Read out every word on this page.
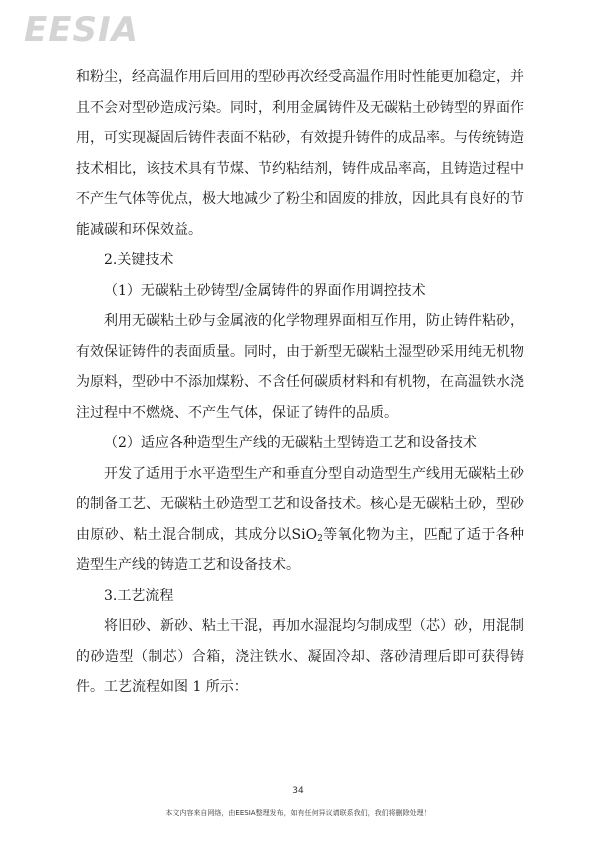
EESIA

和粉尘，经高温作用后回用的型砂再次经受高温作用时性能更加稳定，并且不会对型砂造成污染。同时，利用金属铸件及无碳粘土砂铸型的界面作用，可实现凝固后铸件表面不粘砂，有效提升铸件的成品率。与传统铸造技术相比，该技术具有节煤、节约粘结剂，铸件成品率高，且铸造过程中不产生气体等优点，极大地减少了粉尘和固废的排放，因此具有良好的节能减碳和环保效益。

2.关键技术

（1）无碳粘土砂铸型/金属铸件的界面作用调控技术

利用无碳粘土砂与金属液的化学物理界面相互作用，防止铸件粘砂，有效保证铸件的表面质量。同时，由于新型无碳粘土湿型砂采用纯无机物为原料，型砂中不添加煤粉、不含任何碳质材料和有机物，在高温铁水浇注过程中不燃烧、不产生气体，保证了铸件的品质。

（2）适应各种造型生产线的无碳粘土型铸造工艺和设备技术

开发了适用于水平造型生产和垂直分型自动造型生产线用无碳粘土砂的制备工艺、无碳粘土砂造型工艺和设备技术。核心是无碳粘土砂，型砂由原砂、粘土混合制成，其成分以SiO$_2$等氧化物为主，匹配了适于各种造型生产线的铸造工艺和设备技术。

3.工艺流程

将旧砂、新砂、粘土干混，再加水湿混均匀制成型（芯）砂，用混制的砂造型（制芯）合箱，浇注铁水、凝固冷却、落砂清理后即可获得铸件。工艺流程如图 1 所示：

34
本文内容来自网络，由EESIA整理发布，如有任何异议请联系我们，我们将删除处理！
